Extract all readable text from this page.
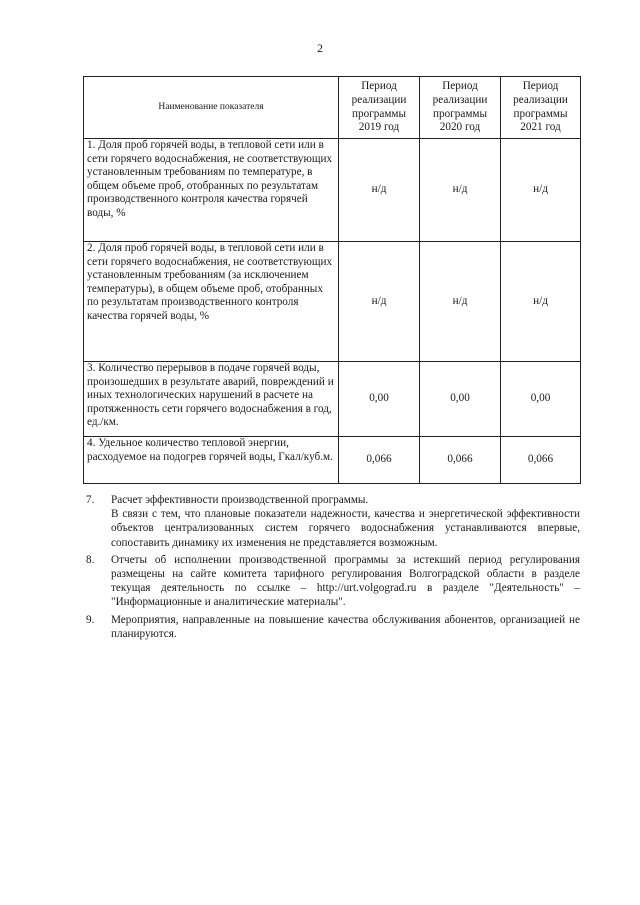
2
Наименование показателя	Период реализации программы 2019 год	Период реализации программы 2020 год	Период реализации программы 2021 год
1. Доля проб горячей воды, в тепловой сети или в сети горячего водоснабжения, не соответствующих установленным требованиям по температуре, в общем объеме проб, отобранных по результатам производственного контроля качества горячей воды, %	н/д	н/д	н/д
2. Доля проб горячей воды, в тепловой сети или в сети горячего водоснабжения, не соответствующих установленным требованиям (за исключением температуры), в общем объеме проб, отобранных по результатам производственного контроля качества горячей воды, %	н/д	н/д	н/д
3. Количество перерывов в подаче горячей воды, произошедших в результате аварий, повреждений и иных технологических нарушений в расчете на протяженность сети горячего водоснабжения в год, ед./км.	0,00	0,00	0,00
4. Удельное количество тепловой энергии, расходуемое на подогрев горячей воды, Гкал/куб.м.	0,066	0,066	0,066
7. Расчет эффективности производственной программы.
В связи с тем, что плановые показатели надежности, качества и энергетической эффективности объектов централизованных систем горячего водоснабжения устанавливаются впервые, сопоставить динамику их изменения не представляется возможным.
8. Отчеты об исполнении производственной программы за истекший период регулирования размещены на сайте комитета тарифного регулирования Волгоградской области в разделе текущая деятельность по ссылке – http://urt.volgograd.ru в разделе "Деятельность" – "Информационные и аналитические материалы".
9. Мероприятия, направленные на повышение качества обслуживания абонентов, организацией не планируются.
